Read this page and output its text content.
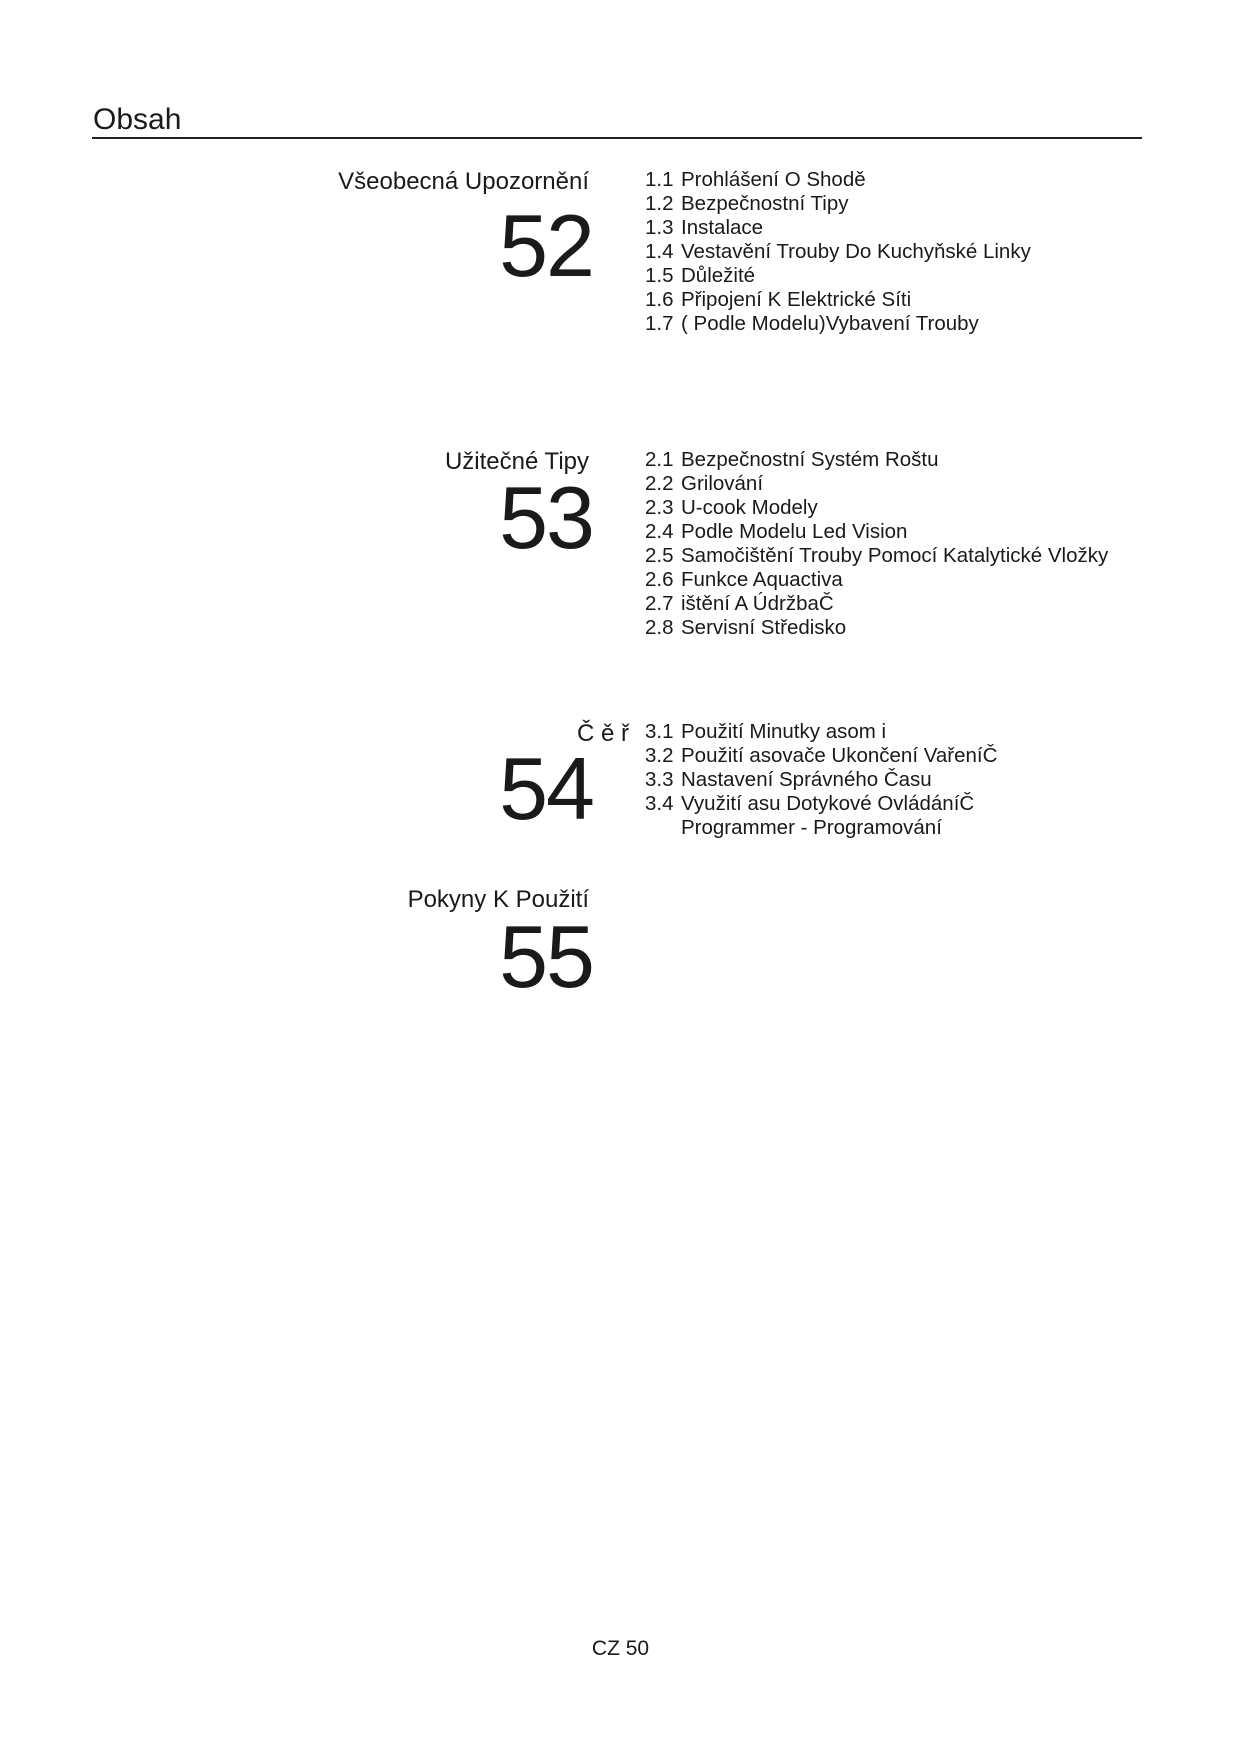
Obsah
Všeobecná Upozornění
52
1.1 Prohlášení O Shodě
1.2 Bezpečnostní Tipy
1.3 Instalace
1.4 Vestavění Trouby Do Kuchyňské Linky
1.5 Důležité
1.6 Připojení K Elektrické Síti
1.7 ( Podle Modelu)Vybavení Trouby
Užitečné Tipy
53
2.1 Bezpečnostní Systém Roštu
2.2 Grilování
2.3 U-cook Modely
2.4 Podle Modelu Led Vision
2.5 Samočištění Trouby Pomocí Katalytické Vložky
2.6 Funkce Aquactiva
2.7 ištění A ÚdržbaČ
2.8 Servisní Středisko
Č ě ř
54
3.1 Použití Minutky asom i
3.2 Použití asovače Ukončení VařeníČ
3.3 Nastavení Správného Času
3.4 Využití asu Dotykové OvládáníČ
Programmer - Programování
Pokyny K Použití
55
CZ 50
